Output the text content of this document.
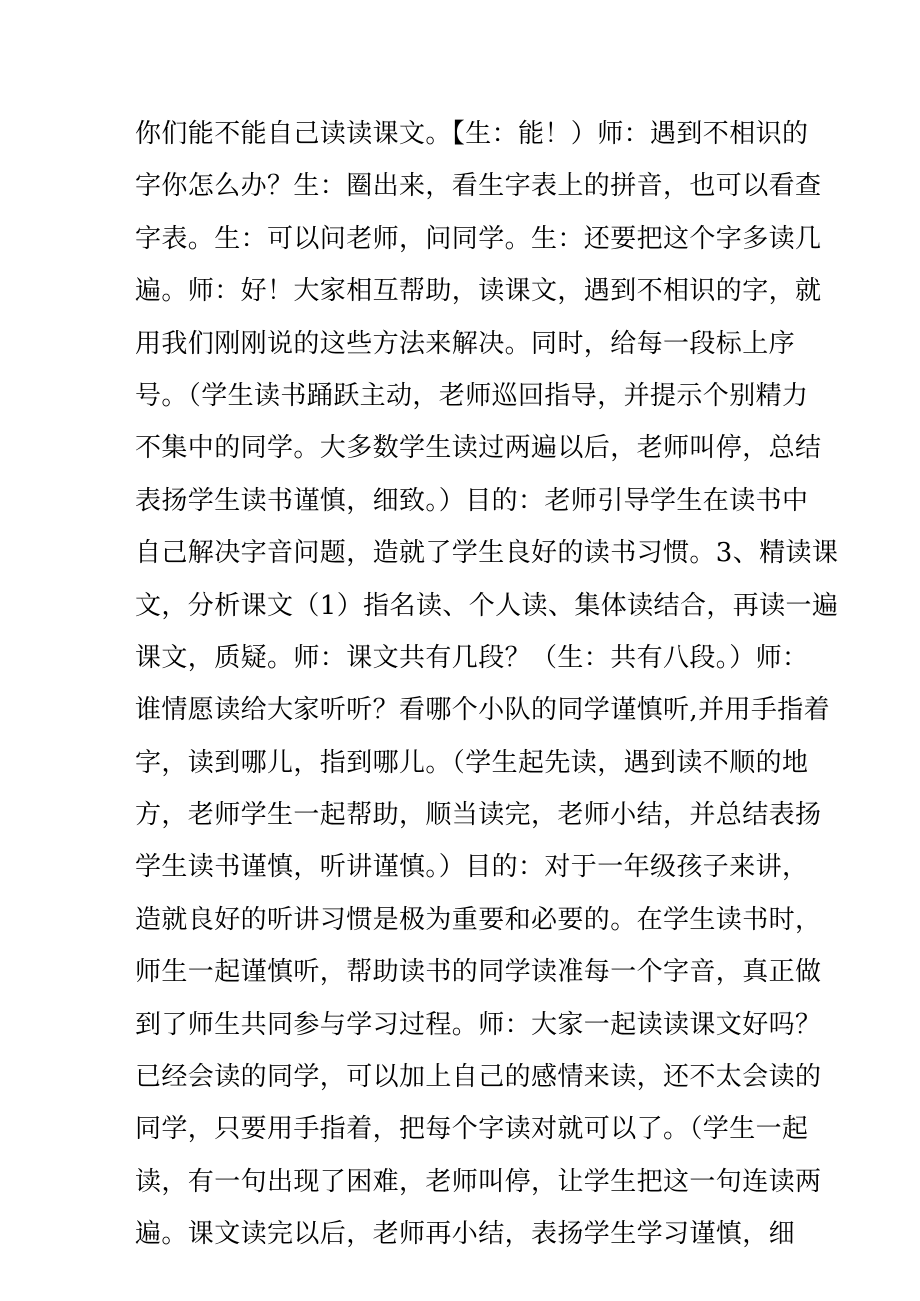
你们能不能自己读读课文。【生：能！）师：遇到不相识的
字你怎么办？生：圈出来，看生字表上的拼音，也可以看查
字表。生：可以问老师，问同学。生：还要把这个字多读几
遍。师：好！大家相互帮助，读课文，遇到不相识的字，就
用我们刚刚说的这些方法来解决。同时，给每一段标上序
号。（学生读书踊跃主动，老师巡回指导，并提示个别精力
不集中的同学。大多数学生读过两遍以后，老师叫停，总结
表扬学生读书谨慎，细致。）目的：老师引导学生在读书中
自己解决字音问题，造就了学生良好的读书习惯。3、精读课
文，分析课文（1）指名读、个人读、集体读结合，再读一遍
课文，质疑。师：课文共有几段？（生：共有八段。）师：
谁情愿读给大家听听？看哪个小队的同学谨慎听,并用手指着
字，读到哪儿，指到哪儿。（学生起先读，遇到读不顺的地
方，老师学生一起帮助，顺当读完，老师小结，并总结表扬
学生读书谨慎，听讲谨慎。）目的：对于一年级孩子来讲，
造就良好的听讲习惯是极为重要和必要的。在学生读书时，
师生一起谨慎听，帮助读书的同学读准每一个字音，真正做
到了师生共同参与学习过程。师：大家一起读读课文好吗？
已经会读的同学，可以加上自己的感情来读，还不太会读的
同学，只要用手指着，把每个字读对就可以了。（学生一起
读，有一句出现了困难，老师叫停，让学生把这一句连读两
遍。课文读完以后，老师再小结，表扬学生学习谨慎，细
